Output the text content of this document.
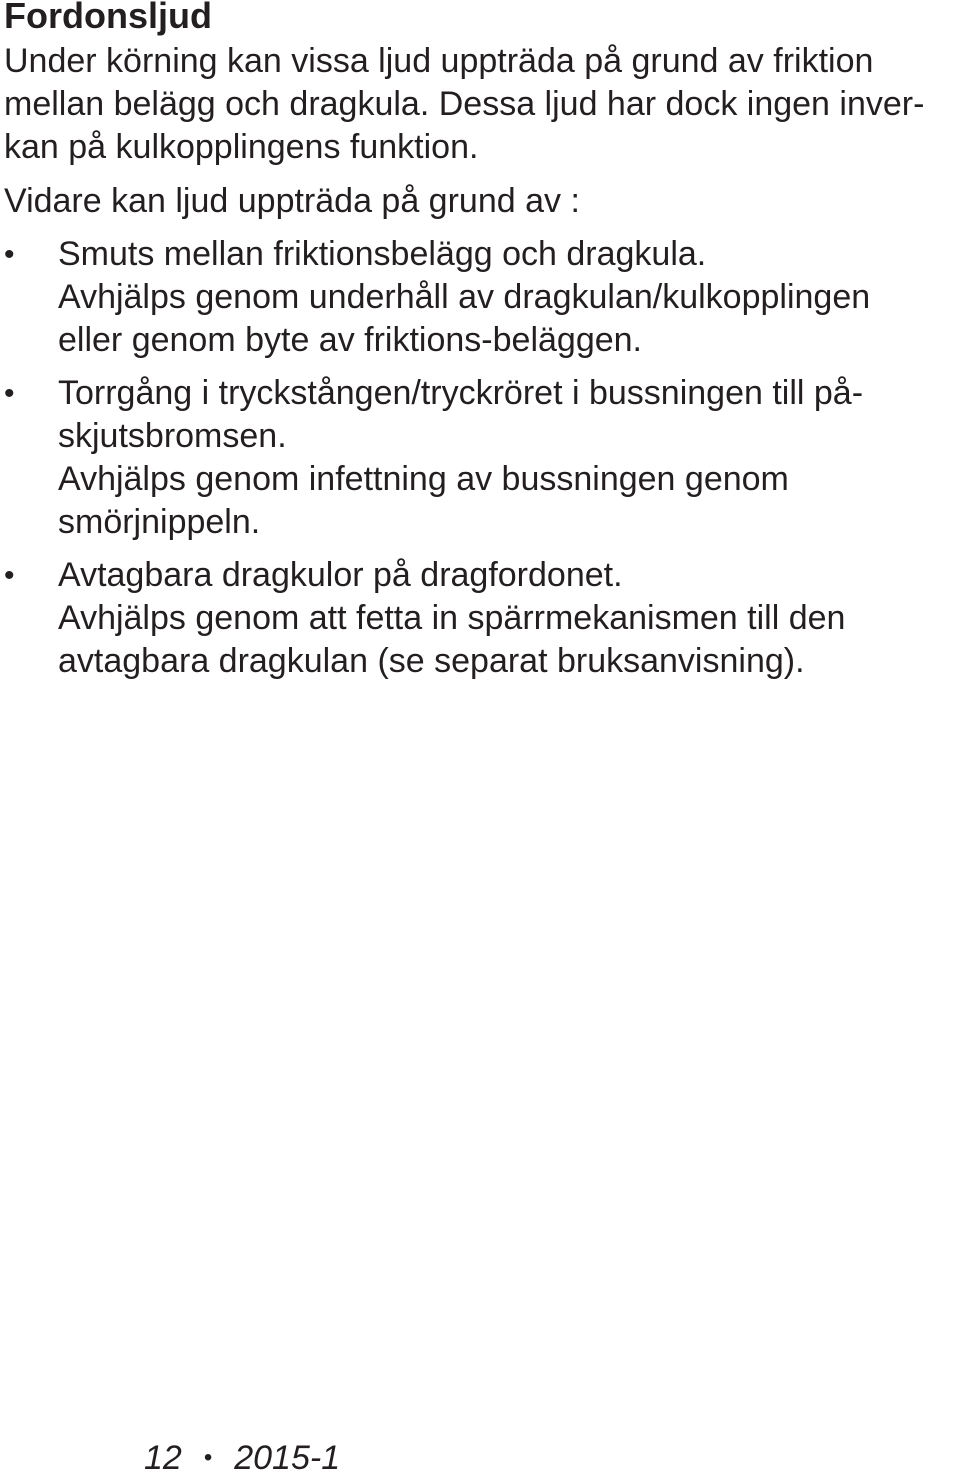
Fordonsljud

Under körning kan vissa ljud uppträda på grund av friktion
mellan belägg och dragkula. Dessa ljud har dock ingen inver-
kan på kulkopplingens funktion.

Vidare kan ljud uppträda på grund av :

• Smuts mellan friktionsbelägg och dragkula.
Avhjälps genom underhåll av dragkulan/kulkopplingen
eller genom byte av friktions-beläggen.
• Torrgång i tryckstången/tryckröret i bussningen till på-
skjutsbromsen.
Avhjälps genom infettning av bussningen genom
smörjnippeln.
• Avtagbara dragkulor på dragfordonet.
Avhjälps genom att fetta in spärrmekanismen till den
avtagbara dragkulan (se separat bruksanvisning).
12 • 2015-1
